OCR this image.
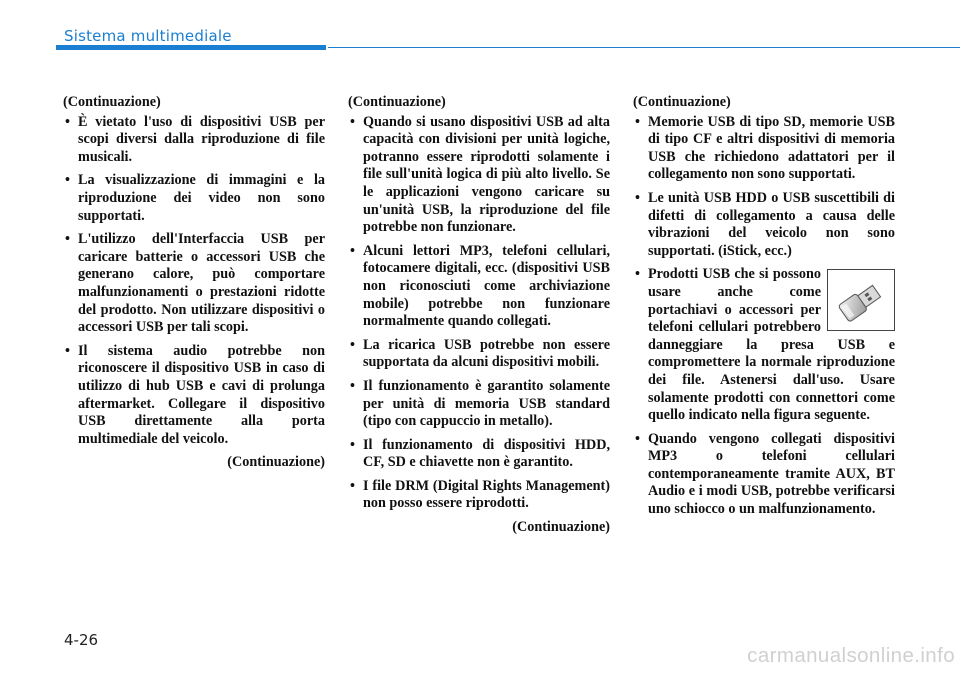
Sistema multimediale
(Continuazione)
• È vietato l'uso di dispositivi USB per scopi diversi dalla riproduzione di file musicali.
• La visualizzazione di immagini e la riproduzione dei video non sono supportati.
• L'utilizzo dell'Interfaccia USB per caricare batterie o accessori USB che generano calore, può comportare malfunzionamenti o prestazioni ridotte del prodotto. Non utilizzare dispositivi o accessori USB per tali scopi.
• Il sistema audio potrebbe non riconoscere il dispositivo USB in caso di utilizzo di hub USB e cavi di prolunga aftermarket. Collegare il dispositivo USB direttamente alla porta multimediale del veicolo.
(Continuazione)
(Continuazione)
• Quando si usano dispositivi USB ad alta capacità con divisioni per unità logiche, potranno essere riprodotti solamente i file sull'unità logica di più alto livello. Se le applicazioni vengono caricare su un'unità USB, la riproduzione del file potrebbe non funzionare.
• Alcuni lettori MP3, telefoni cellulari, fotocamere digitali, ecc. (dispositivi USB non riconosciuti come archiviazione mobile) potrebbe non funzionare normalmente quando collegati.
• La ricarica USB potrebbe non essere supportata da alcuni dispositivi mobili.
• Il funzionamento è garantito solamente per unità di memoria USB standard (tipo con cappuccio in metallo).
• Il funzionamento di dispositivi HDD, CF, SD e chiavette non è garantito.
• I file DRM (Digital Rights Management) non posso essere riprodotti.
(Continuazione)
(Continuazione)
• Memorie USB di tipo SD, memorie USB di tipo CF e altri dispositivi di memoria USB che richiedono adattatori per il collegamento non sono supportati.
• Le unità USB HDD o USB suscettibili di difetti di collegamento a causa delle vibrazioni del veicolo non sono supportati. (iStick, ecc.)
• Prodotti USB che si possono usare anche come portachiavi o accessori per telefoni cellulari potrebbero danneggiare la presa USB e compromettere la normale riproduzione dei file. Astenersi dall'uso. Usare solamente prodotti con connettori come quello indicato nella figura seguente.
• Quando vengono collegati dispositivi MP3 o telefoni cellulari contemporaneamente tramite AUX, BT Audio e i modi USB, potrebbe verificarsi uno schiocco o un malfunzionamento.
4-26
carmanualsonline.info
